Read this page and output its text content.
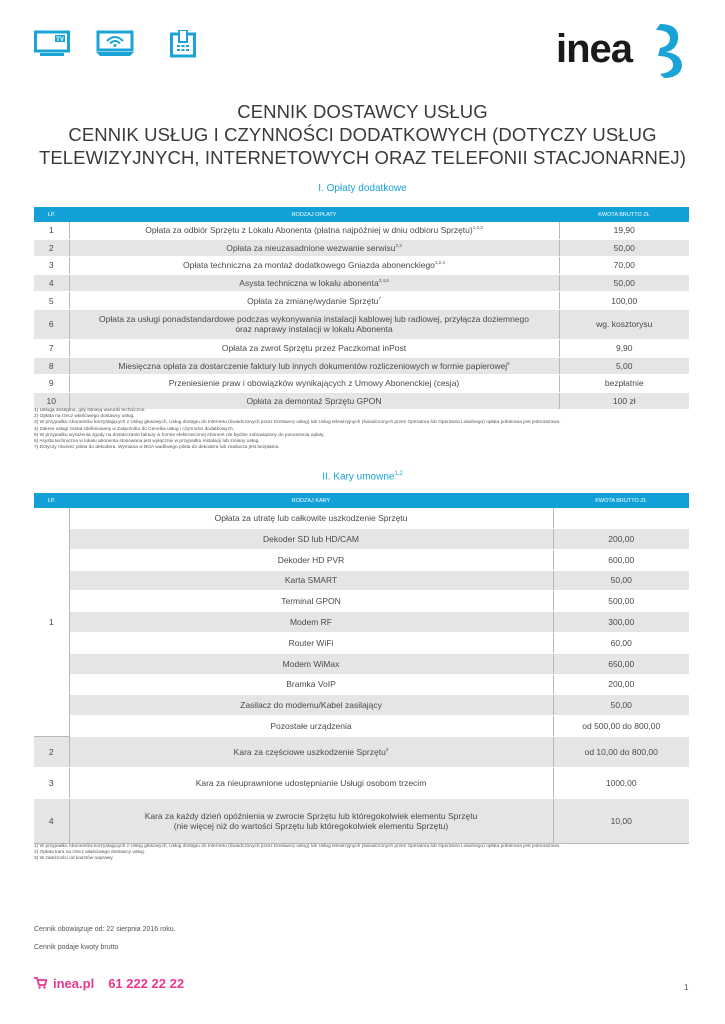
TV	inea
CENNIK DOSTAWCY USŁUG
CENNIK USŁUG I CZYNNOŚCI DODATKOWYCH (DOTYCZY USŁUG
TELEWIZYJNYCH, INTERNETOWYCH ORAZ TELEFONII STACJONARNEJ)
I. Opłaty dodatkowe
LP.	RODZAJ OPŁATY	KWOTA BRUTTO ZŁ
1	Opłata za odbiór Sprzętu z Lokalu Abonenta (płatna najpóźniej w dniu odbioru Sprzętu)$^{1,2,3}$	19,90
2	Opłata za nieuzasadnione wezwanie serwisu$^{2,3}$	50,00
3	Opłata techniczna za montaż dodatkowego Gniazda abonenckiego$^{1,2,4}$	70,00
4	Asysta techniczna w lokalu abonenta$^{2,4,6}$	50,00
5	Opłata za zmianę/wydanie Sprzętu$^7$	100,00
6	Opłata za usługi ponadstandardowe podczas wykonywania instalacji kablowej lub radiowej, przyłącza doziemnego
oraz naprawy instalacji w lokalu Abonenta	wg. kosztorysu
7	Opłata za zwrot Sprzętu przez Paczkomat inPost	9,90
8	Miesięczna opłata za dostarczenie faktury lub innych dokumentów rozliczeniowych w formie papierowej$^5$	5,00
9	Przeniesienie praw i obowiązków wynikających z Umowy Abonenckiej (cesja)	bezpłatnie
10	Opłata za demontaż Sprzętu GPON	100 zł
1) Usługa dostępna, gdy istnieją warunki techniczne.
2) Opłata na rzecz właściwego dostawcy usług.
3) W przypadku Abonentów korzystających z Usług głosowych, Usług dostępu do Internetu (świadczonych przez Dostawcę usług) lub Usług telewizyjnych (świadczonych przez Operatora lub Operatora Lokalnego) opłata pobierana jest jednorazowo.
4) Zakres usługi został zdefiniowany w Załączniku do Cennika usług i czynności dodatkowych.
5) W przypadku wyrażenia zgody na dostarczanie faktury w formie elektronicznej Abonent nie będzie zobowiązany do ponoszenia opłaty.
6) Asysta techniczna w lokalu abonenta stosowana jest wyłącznie w przypadku instalacji lub zmiany usług.
7) Dotyczy również pilota do dekodera. Wymiana w BOA wadliwego pilota do dekodera lub zasilacza jest bezpłatna.
II. Kary umowne$^{1,2}$
LP.	RODZAJ KARY	KWOTA BRUTTO ZŁ
1	Opłata za utratę lub całkowite uszkodzenie Sprzętu	
	Dekoder SD lub HD/CAM	200,00
	Dekoder HD PVR	600,00
	Karta SMART	50,00
	Terminal GPON	500,00
	Modem RF	300,00
	Router WiFi	60,00
	Modem WiMax	650,00
	Bramka VoIP	200,00
	Zasilacz do modemu/Kabel zasilający	50,00
	Pozostałe urządzenia	od 500,00 do 800,00
2	Kara za częściowe uszkodzenie Sprzętu$^3$	od 10,00 do 800,00
3	Kara za nieuprawnione udostępnianie Usługi osobom trzecim	1000,00
4	Kara za każdy dzień opóźnienia w zwrocie Sprzętu lub któregokolwiek elementu Sprzętu
(nie więcej niż do wartości Sprzętu lub któregokolwiek elementu Sprzętu)	10,00
1) W przypadku Abonentów korzystających z Usług głosowych, Usług dostępu do Internetu (świadczonych przez Dostawcę usług) lub Usług telewizyjnych (świadczonych przez Operatora lub Operatora Lokalnego) opłata pobierana jest jednorazowo.
2) Opłata kara na rzecz właściwego dostawcy usług.
3) W zależności od kosztów naprawy.
Cennik obowiązuje od: 22 sierpnia 2016 roku.
Cennik podaje kwoty brutto
inea.pl 61 222 22 22	1
